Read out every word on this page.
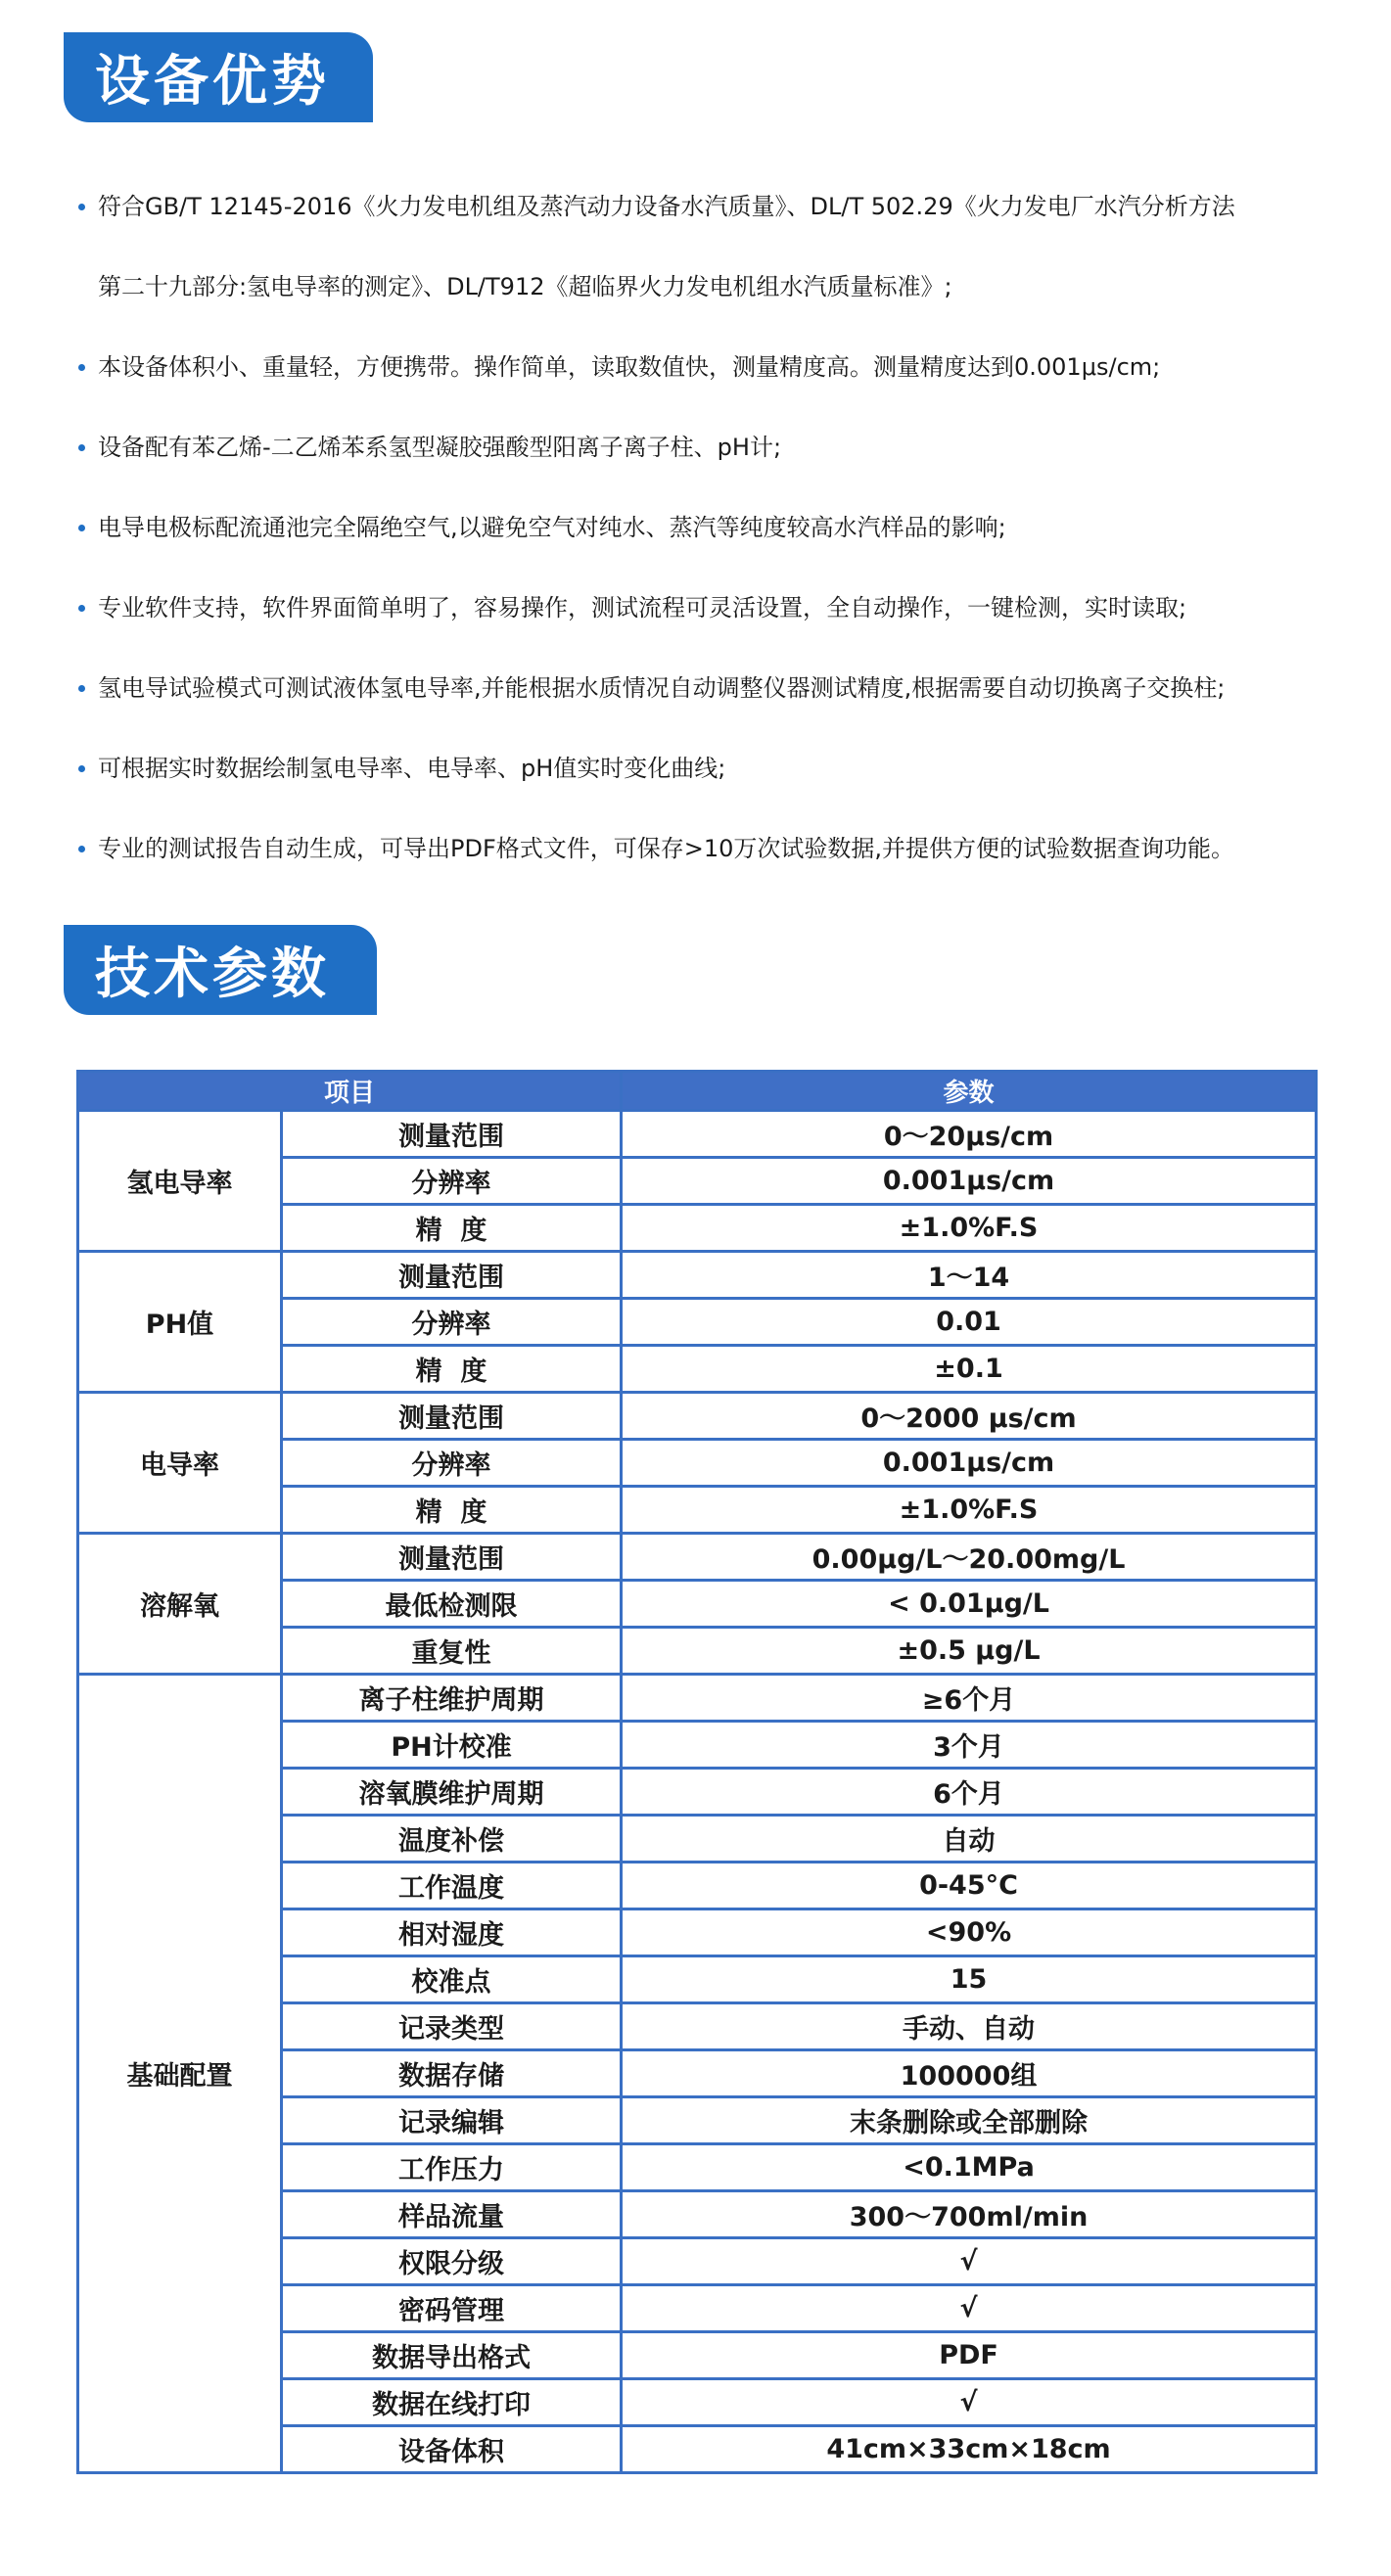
设备优势
符合GB/T 12145-2016《火力发电机组及蒸汽动力设备水汽质量》、DL/T 502.29《火力发电厂水汽分析方法
第二十九部分:氢电导率的测定》、DL/T912《超临界火力发电机组水汽质量标准》;
本设备体积小、重量轻，方便携带。操作简单，读取数值快，测量精度高。测量精度达到0.001μs/cm;
设备配有苯乙烯-二乙烯苯系氢型凝胶强酸型阳离子离子柱、pH计;
电导电极标配流通池完全隔绝空气,以避免空气对纯水、蒸汽等纯度较高水汽样品的影响;
专业软件支持，软件界面简单明了，容易操作，测试流程可灵活设置，全自动操作，一键检测，实时读取;
氢电导试验模式可测试液体氢电导率,并能根据水质情况自动调整仪器测试精度,根据需要自动切换离子交换柱;
可根据实时数据绘制氢电导率、电导率、pH值实时变化曲线;
专业的测试报告自动生成，可导出PDF格式文件，可保存>10万次试验数据,并提供方便的试验数据查询功能。
技术参数
项目		参数
氢电导率	测量范围	0～20μs/cm
	分辨率	0.001μs/cm
	精  度	±1.0%F.S
PH值	测量范围	1～14
	分辨率	0.01
	精  度	±0.1
电导率	测量范围	0～2000 μs/cm
	分辨率	0.001μs/cm
	精  度	±1.0%F.S
溶解氧	测量范围	0.00μg/L～20.00mg/L
	最低检测限	< 0.01μg/L
	重复性	±0.5 μg/L
基础配置	离子柱维护周期	≥6个月
	PH计校准	3个月
	溶氧膜维护周期	6个月
	温度补偿	自动
	工作温度	0-45°C
	相对湿度	<90%
	校准点	15
	记录类型	手动、自动
	数据存储	100000组
	记录编辑	末条删除或全部删除
	工作压力	<0.1MPa
	样品流量	300～700ml/min
	权限分级	√
	密码管理	√
	数据导出格式	PDF
	数据在线打印	√
	设备体积	41cm×33cm×18cm
